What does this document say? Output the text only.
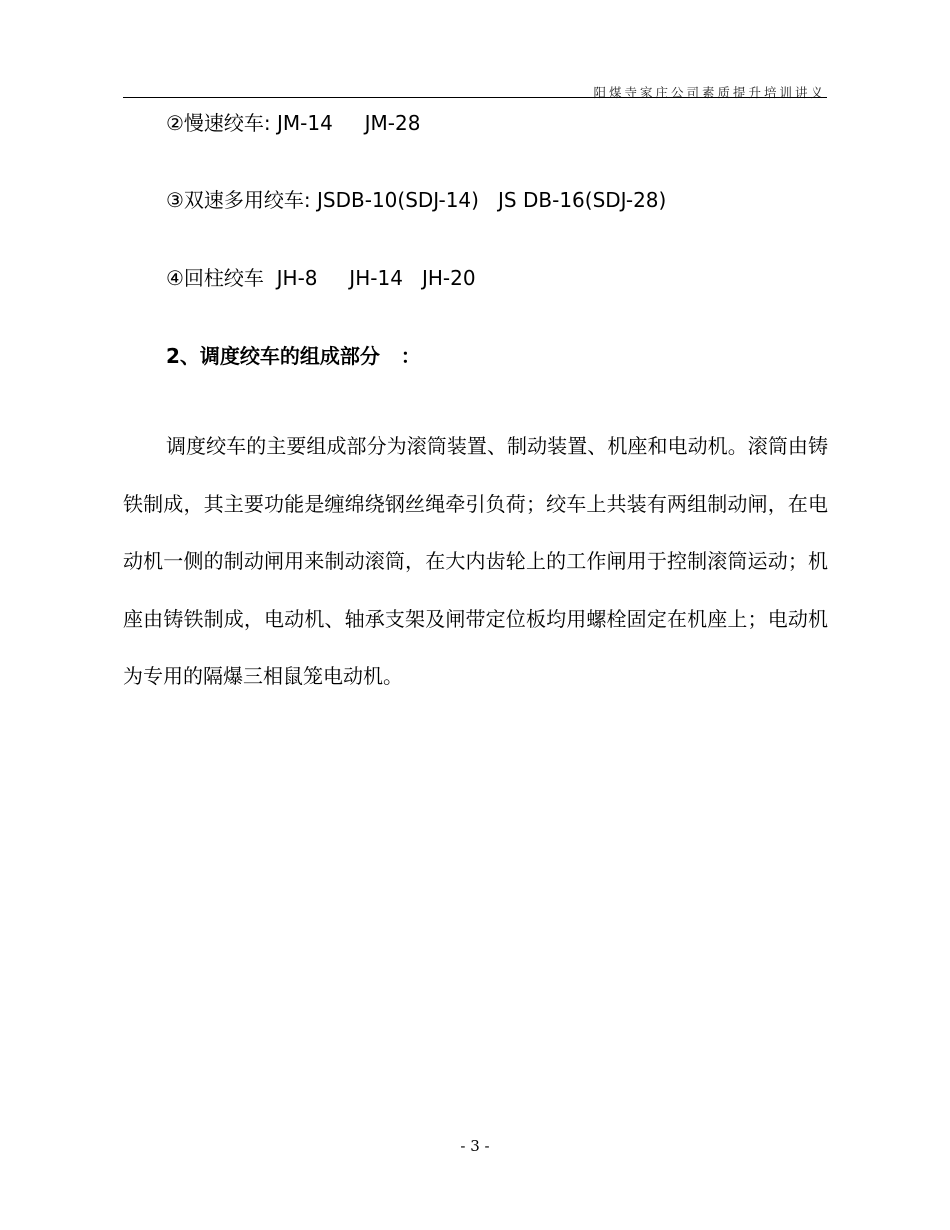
阳煤寺家庄公司素质提升培训讲义
②慢速绞车: JM-14     JM-28
③双速多用绞车: JSDB-10(SDJ-14)   JS DB-16(SDJ-28)
④回柱绞车  JH-8     JH-14   JH-20
2、调度绞车的组成部分   ：

调度绞车的主要组成部分为滚筒装置、制动装置、机座和电动机。滚筒由铸铁制成，其主要功能是缠绵绕钢丝绳牵引负荷；绞车上共装有两组制动闸，在电动机一侧的制动闸用来制动滚筒，在大内齿轮上的工作闸用于控制滚筒运动；机座由铸铁制成，电动机、轴承支架及闸带定位板均用螺栓固定在机座上；电动机为专用的隔爆三相鼠笼电动机。

- 3 -
